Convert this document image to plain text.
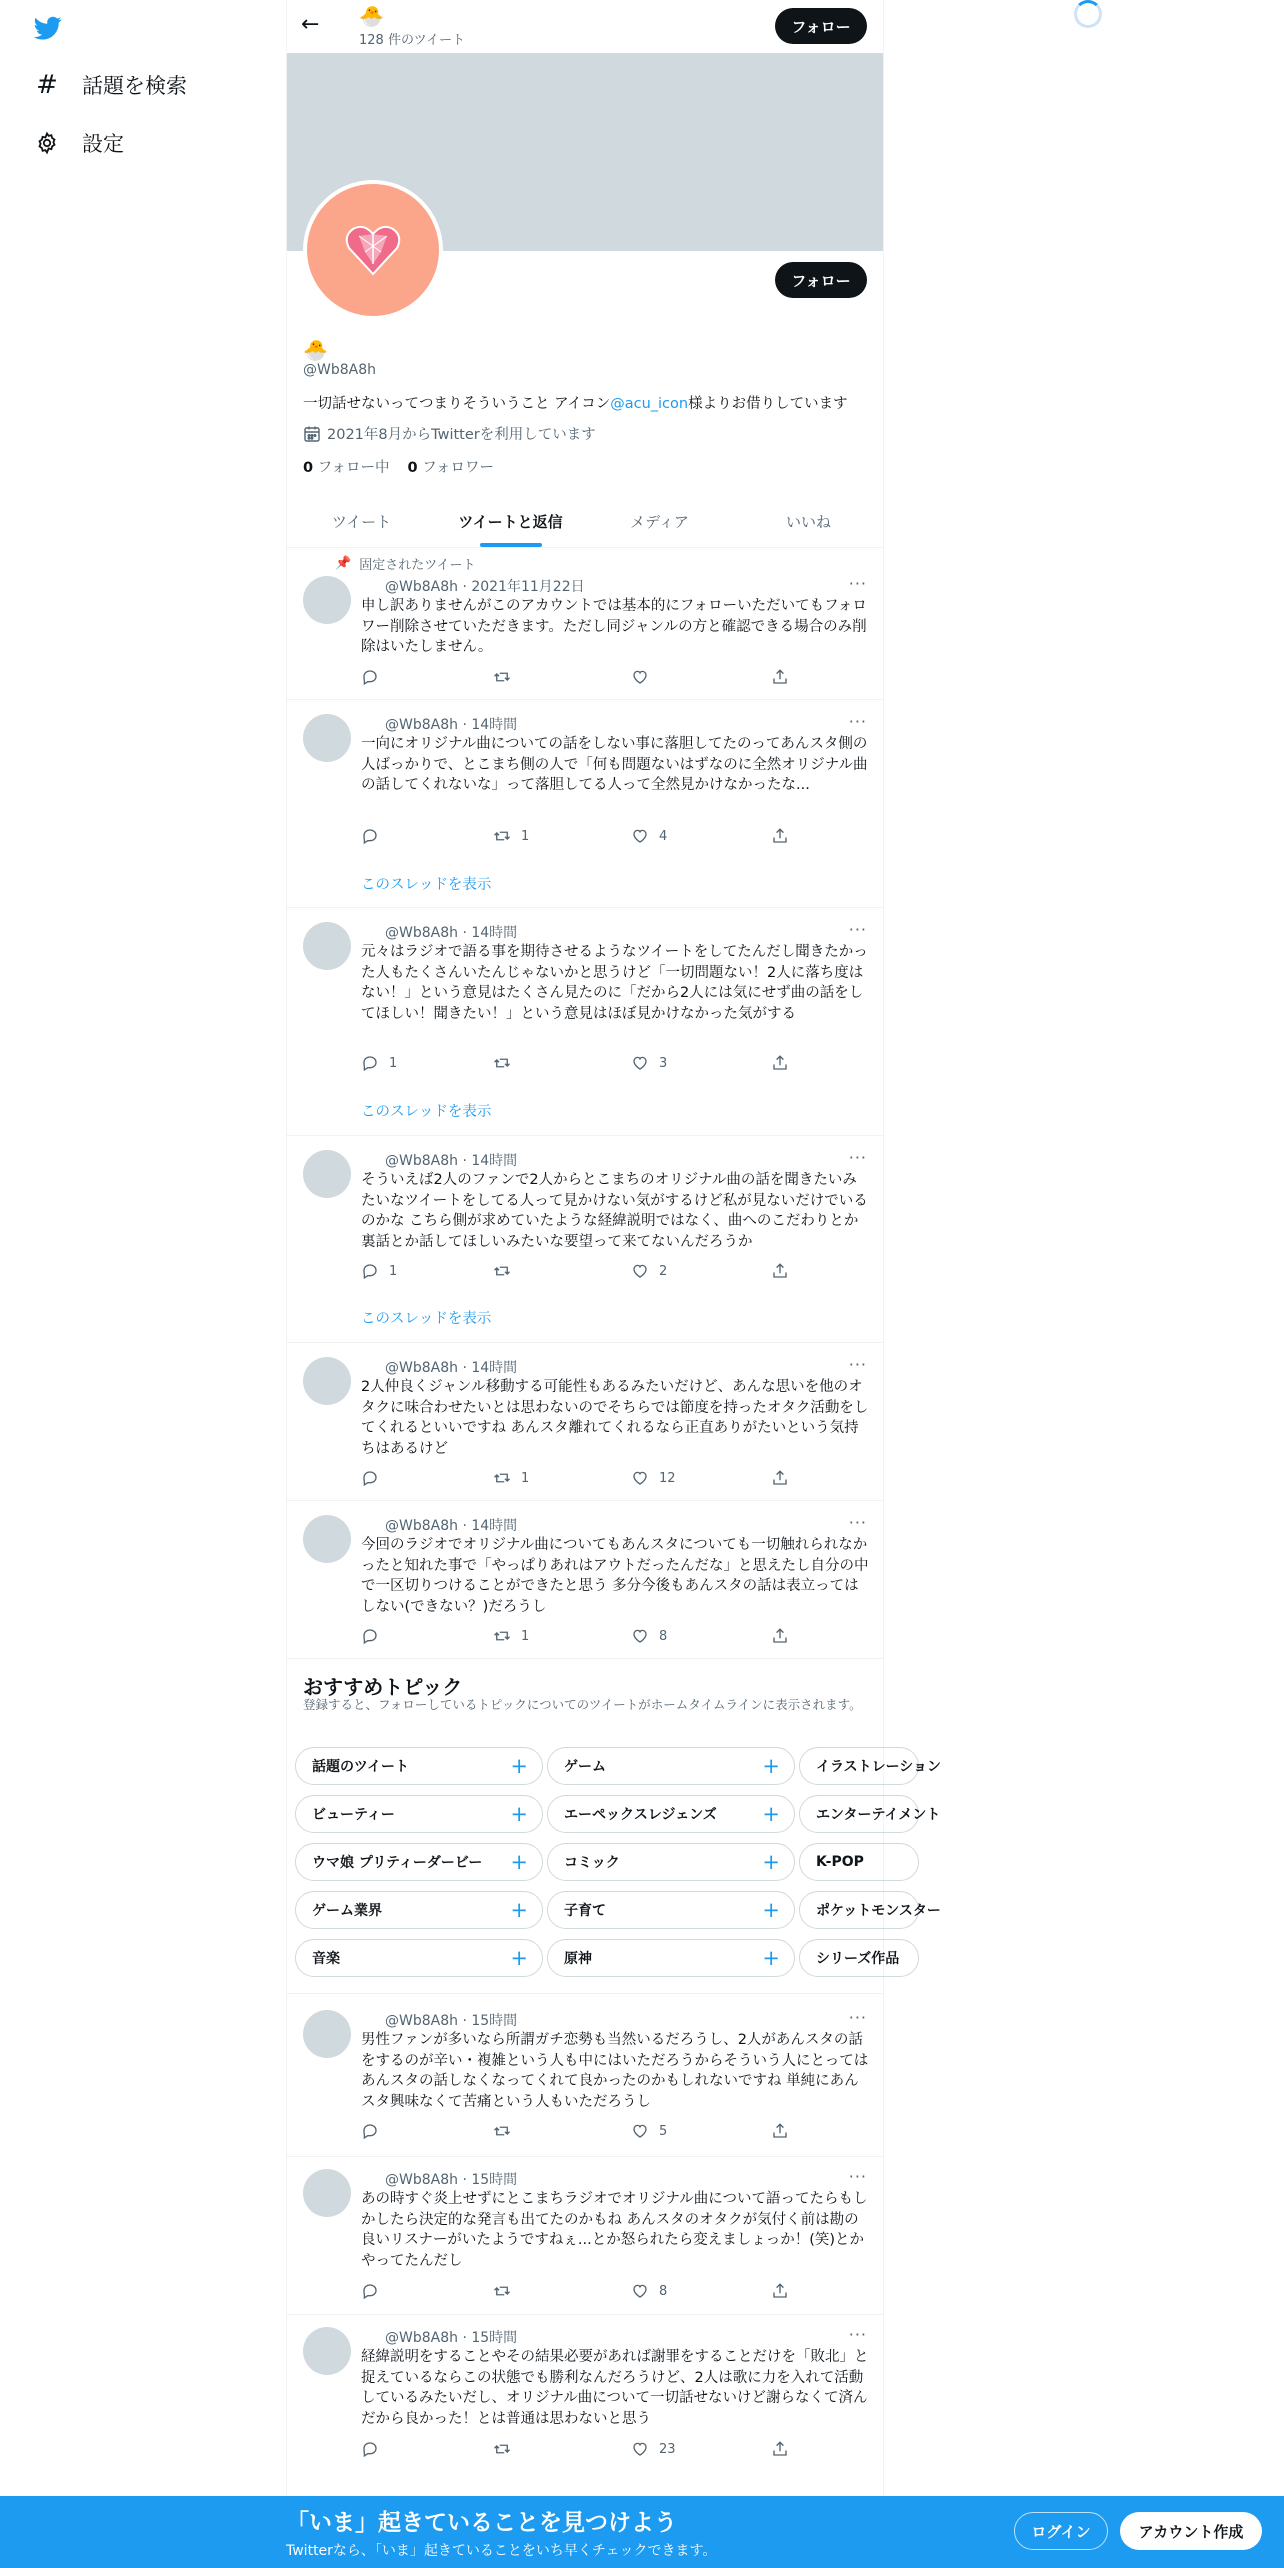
# 話題を検索
設定
← 🐣
128 件のツイート
フォロー
フォロー
🐣
@Wb8A8h
一切話せないってつまりそういうこと アイコン@acu_icon様よりお借りしています
2021年8月からTwitterを利用しています
0 フォロー中 0 フォロワー
ツイート	ツイートと返信	メディア	いいね
📌 固定されたツイート
@Wb8A8h · 2021年11月22日	···
申し訳ありませんがこのアカウントでは基本的にフォローいただいてもフォロワー削除させていただきます。ただし同ジャンルの方と確認できる場合のみ削除はいたしません。
@Wb8A8h · 14時間	···
一向にオリジナル曲についての話をしない事に落胆してたのってあんスタ側の人ばっかりで、とこまち側の人で「何も問題ないはずなのに全然オリジナル曲の話してくれないな」って落胆してる人って全然見かけなかったな...
1	4
このスレッドを表示
@Wb8A8h · 14時間	···
元々はラジオで語る事を期待させるようなツイートをしてたんだし聞きたかった人もたくさんいたんじゃないかと思うけど「一切問題ない！2人に落ち度はない！」という意見はたくさん見たのに「だから2人には気にせず曲の話をしてほしい！聞きたい！」という意見はほぼ見かけなかった気がする
1	3
このスレッドを表示
@Wb8A8h · 14時間	···
そういえば2人のファンで2人からとこまちのオリジナル曲の話を聞きたいみたいなツイートをしてる人って見かけない気がするけど私が見ないだけでいるのかな こちら側が求めていたような経緯説明ではなく、曲へのこだわりとか裏話とか話してほしいみたいな要望って来てないんだろうか
1	2
このスレッドを表示
@Wb8A8h · 14時間	···
2人仲良くジャンル移動する可能性もあるみたいだけど、あんな思いを他のオタクに味合わせたいとは思わないのでそちらでは節度を持ったオタク活動をしてくれるといいですね あんスタ離れてくれるなら正直ありがたいという気持ちはあるけど
1	12
@Wb8A8h · 14時間	···
今回のラジオでオリジナル曲についてもあんスタについても一切触れられなかったと知れた事で「やっぱりあれはアウトだったんだな」と思えたし自分の中で一区切りつけることができたと思う 多分今後もあんスタの話は表立ってはしない(できない？)だろうし
1	8
おすすめトピック
登録すると、フォローしているトピックについてのツイートがホームタイムラインに表示されます。
話題のツイート	+
ビューティー	+
ウマ娘 プリティーダービー +
ゲーム業界	+
音楽	+
ゲーム	+
エーペックスレジェンズ +
コミック	+
子育て	+
原神	+
イラストレーション
エンターテイメント
K-POP
ポケットモンスター
シリーズ作品
@Wb8A8h · 15時間	···
男性ファンが多いなら所謂ガチ恋勢も当然いるだろうし、2人があんスタの話をするのが辛い・複雑という人も中にはいただろうからそういう人にとってはあんスタの話しなくなってくれて良かったのかもしれないですね 単純にあんスタ興味なくて苦痛という人もいただろうし
5
@Wb8A8h · 15時間	···
あの時すぐ炎上せずにとこまちラジオでオリジナル曲について語ってたらもしかしたら決定的な発言も出てたのかもね あんスタのオタクが気付く前は勘の良いリスナーがいたようですねぇ...とか怒られたら変えましょっか！(笑)とかやってたんだし
8
@Wb8A8h · 15時間	···
経緯説明をすることやその結果必要があれば謝罪をすることだけを「敗北」と捉えているならこの状態でも勝利なんだろうけど、2人は歌に力を入れて活動しているみたいだし、オリジナル曲について一切話せないけど謝らなくて済んだから良かった！とは普通は思わないと思う
23
「いま」起きていることを見つけよう
Twitterなら、「いま」起きていることをいち早くチェックできます。
ログイン	アカウント作成
